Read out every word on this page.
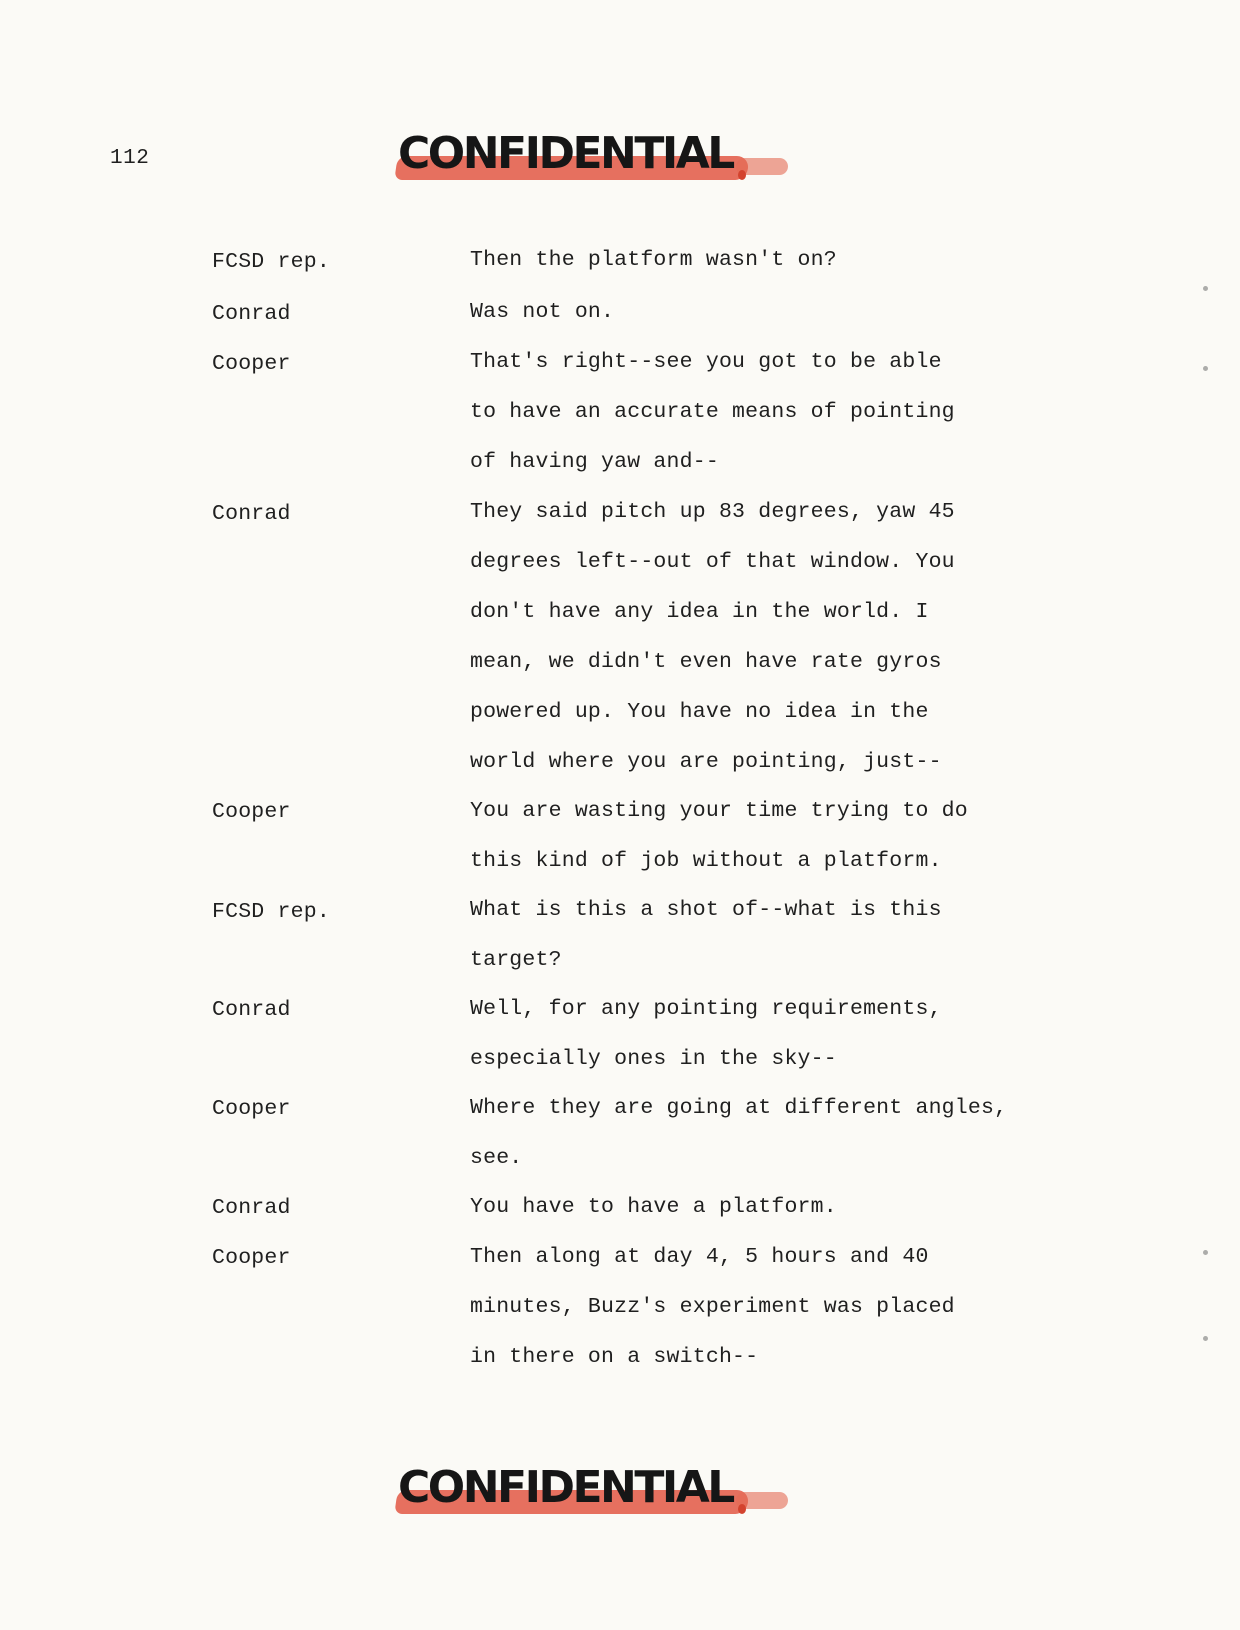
112	CONFIDENTIAL
FCSD rep.	Then the platform wasn't on?
Conrad	Was not on.
Cooper	That's right--see you got to be able
to have an accurate means of pointing
of having yaw and--
Conrad	They said pitch up 83 degrees, yaw 45
degrees left--out of that window. You
don't have any idea in the world. I
mean, we didn't even have rate gyros
powered up. You have no idea in the
world where you are pointing, just--
Cooper	You are wasting your time trying to do
this kind of job without a platform.
FCSD rep.	What is this a shot of--what is this
target?
Conrad	Well, for any pointing requirements,
especially ones in the sky--
Cooper	Where they are going at different angles,
see.
Conrad	You have to have a platform.
Cooper	Then along at day 4, 5 hours and 40
minutes, Buzz's experiment was placed
in there on a switch--
CONFIDENTIAL
